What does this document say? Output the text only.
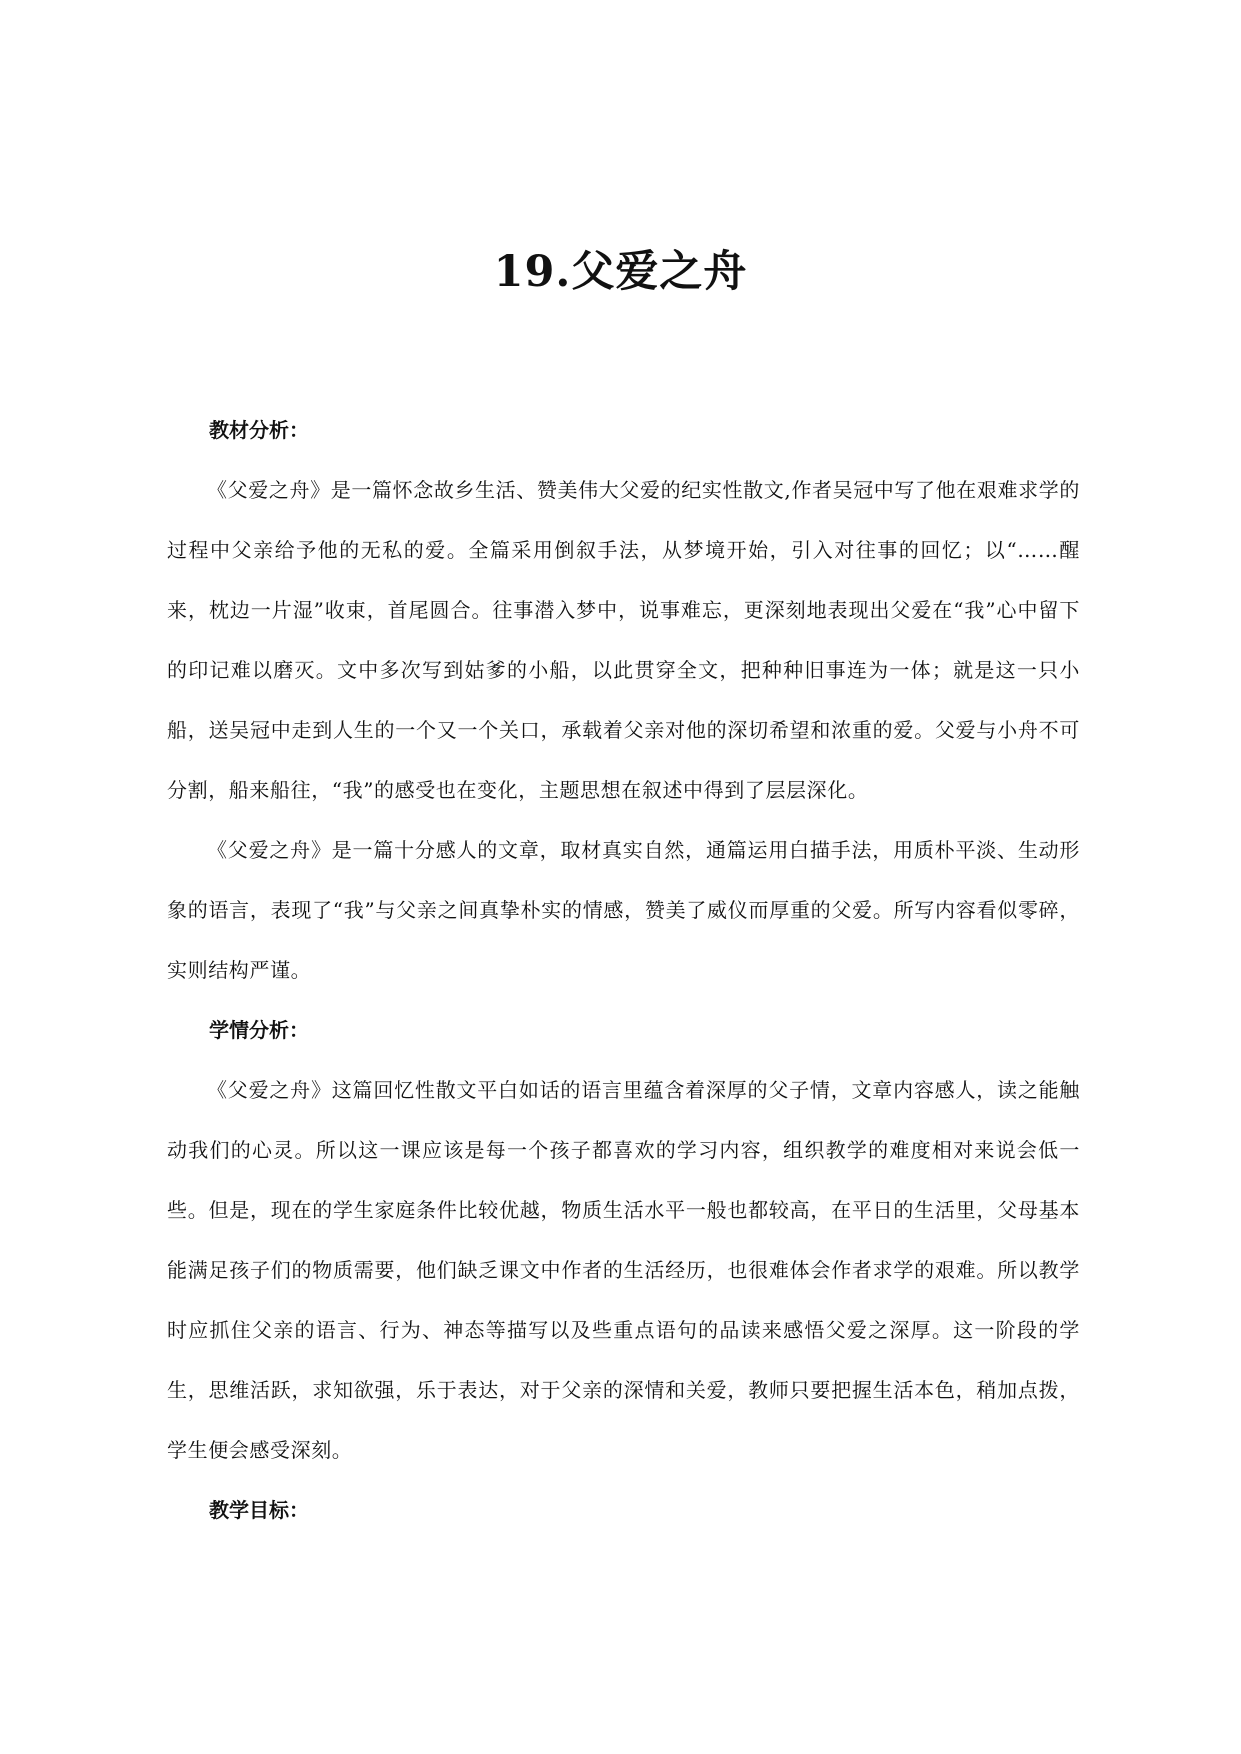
19.父爱之舟
教材分析：

《父爱之舟》是一篇怀念故乡生活、赞美伟大父爱的纪实性散文,作者吴冠中写了他在艰难求学的过程中父亲给予他的无私的爱。全篇采用倒叙手法，从梦境开始，引入对往事的回忆；以“……醒来，枕边一片湿”收束，首尾圆合。往事潜入梦中，说事难忘，更深刻地表现出父爱在“我”心中留下的印记难以磨灭。文中多次写到姑爹的小船，以此贯穿全文，把种种旧事连为一体；就是这一只小船，送吴冠中走到人生的一个又一个关口，承载着父亲对他的深切希望和浓重的爱。父爱与小舟不可分割，船来船往，“我”的感受也在变化，主题思想在叙述中得到了层层深化。

《父爱之舟》是一篇十分感人的文章，取材真实自然，通篇运用白描手法，用质朴平淡、生动形象的语言，表现了“我”与父亲之间真挚朴实的情感，赞美了威仪而厚重的父爱。所写内容看似零碎，实则结构严谨。

学情分析：

《父爱之舟》这篇回忆性散文平白如话的语言里蕴含着深厚的父子情，文章内容感人，读之能触动我们的心灵。所以这一课应该是每一个孩子都喜欢的学习内容，组织教学的难度相对来说会低一些。但是，现在的学生家庭条件比较优越，物质生活水平一般也都较高，在平日的生活里，父母基本能满足孩子们的物质需要，他们缺乏课文中作者的生活经历，也很难体会作者求学的艰难。所以教学时应抓住父亲的语言、行为、神态等描写以及些重点语句的品读来感悟父爱之深厚。这一阶段的学生，思维活跃，求知欲强，乐于表达，对于父亲的深情和关爱，教师只要把握生活本色，稍加点拨，学生便会感受深刻。

教学目标：
